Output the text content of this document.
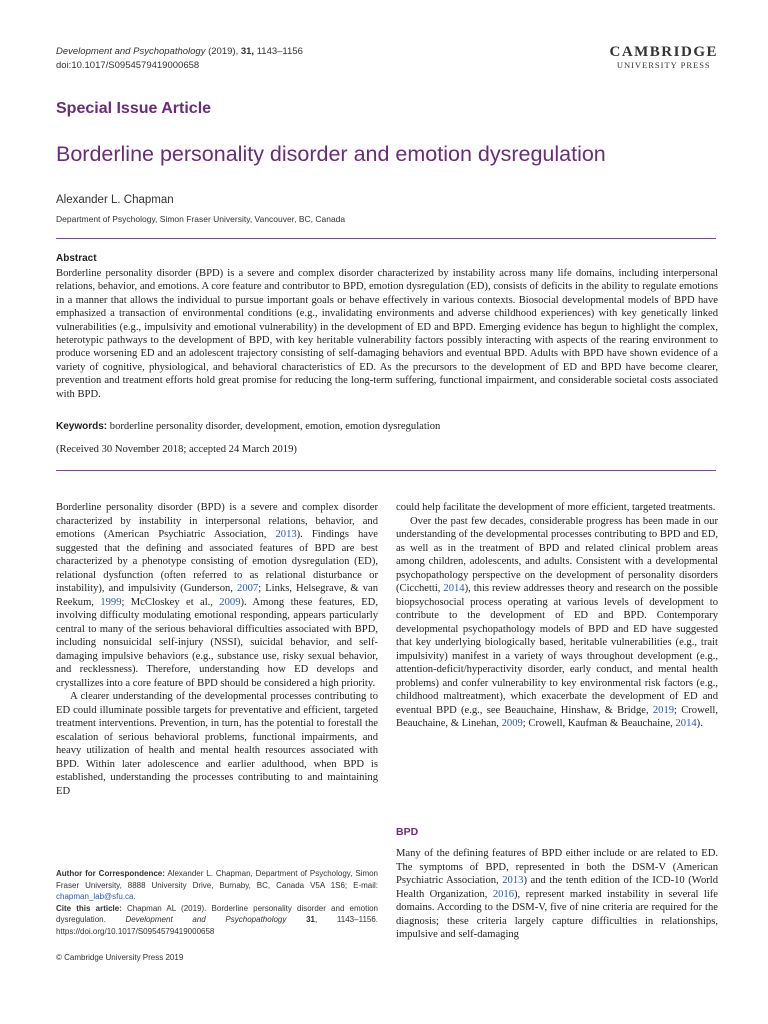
Development and Psychopathology (2019), 31, 1143–1156
doi:10.1017/S0954579419000658
CAMBRIDGE
UNIVERSITY PRESS
Special Issue Article
Borderline personality disorder and emotion dysregulation
Alexander L. Chapman
Department of Psychology, Simon Fraser University, Vancouver, BC, Canada
Abstract
Borderline personality disorder (BPD) is a severe and complex disorder characterized by instability across many life domains, including interpersonal relations, behavior, and emotions. A core feature and contributor to BPD, emotion dysregulation (ED), consists of deficits in the ability to regulate emotions in a manner that allows the individual to pursue important goals or behave effectively in various contexts. Biosocial developmental models of BPD have emphasized a transaction of environmental conditions (e.g., invalidating environments and adverse childhood experiences) with key genetically linked vulnerabilities (e.g., impulsivity and emotional vulnerability) in the development of ED and BPD. Emerging evidence has begun to highlight the complex, heterotypic pathways to the development of BPD, with key heritable vulnerability factors possibly interacting with aspects of the rearing environment to produce worsening ED and an adolescent trajectory consisting of self-damaging behaviors and eventual BPD. Adults with BPD have shown evidence of a variety of cognitive, physiological, and behavioral characteristics of ED. As the precursors to the development of ED and BPD have become clearer, prevention and treatment efforts hold great promise for reducing the long-term suffering, functional impairment, and considerable societal costs associated with BPD.
Keywords: borderline personality disorder, development, emotion, emotion dysregulation
(Received 30 November 2018; accepted 24 March 2019)

Borderline personality disorder (BPD) is a severe and complex disorder characterized by instability in interpersonal relations, behavior, and emotions (American Psychiatric Association, 2013). Findings have suggested that the defining and associated features of BPD are best characterized by a phenotype consisting of emotion dysregulation (ED), relational dysfunction (often referred to as relational disturbance or instability), and impulsivity (Gunderson, 2007; Links, Helsegrave, & van Reekum, 1999; McCloskey et al., 2009). Among these features, ED, involving difficulty modulating emotional responding, appears particularly central to many of the serious behavioral difficulties associated with BPD, including nonsuicidal self-injury (NSSI), suicidal behavior, and self-damaging impulsive behaviors (e.g., substance use, risky sexual behavior, and recklessness). Therefore, understanding how ED develops and crystallizes into a core feature of BPD should be considered a high priority.

A clearer understanding of the developmental processes contributing to ED could illuminate possible targets for preventative and efficient, targeted treatment interventions. Prevention, in turn, has the potential to forestall the escalation of serious behavioral problems, functional impairments, and heavy utilization of health and mental health resources associated with BPD. Within later adolescence and earlier adulthood, when BPD is established, understanding the processes contributing to and maintaining ED

could help facilitate the development of more efficient, targeted treatments.

Over the past few decades, considerable progress has been made in our understanding of the developmental processes contributing to BPD and ED, as well as in the treatment of BPD and related clinical problem areas among children, adolescents, and adults. Consistent with a developmental psychopathology perspective on the development of personality disorders (Cicchetti, 2014), this review addresses theory and research on the possible biopsychosocial process operating at various levels of development to contribute to the development of ED and BPD. Contemporary developmental psychopathology models of BPD and ED have suggested that key underlying biologically based, heritable vulnerabilities (e.g., trait impulsivity) manifest in a variety of ways throughout development (e.g., attention-deficit/hyperactivity disorder, early conduct, and mental health problems) and confer vulnerability to key environmental risk factors (e.g., childhood maltreatment), which exacerbate the development of ED and eventual BPD (e.g., see Beauchaine, Hinshaw, & Bridge, 2019; Crowell, Beauchaine, & Linehan, 2009; Crowell, Kaufman & Beauchaine, 2014).

BPD

Many of the defining features of BPD either include or are related to ED. The symptoms of BPD, represented in both the DSM-V (American Psychiatric Association, 2013) and the tenth edition of the ICD-10 (World Health Organization, 2016), represent marked instability in several life domains. According to the DSM-V, five of nine criteria are required for the diagnosis; these criteria largely capture difficulties in relationships, impulsive and self-damaging

Author for Correspondence: Alexander L. Chapman, Department of Psychology, Simon Fraser University, 8888 University Drive, Burnaby, BC, Canada V5A 1S6; E-mail: chapman_lab@sfu.ca.
Cite this article: Chapman AL (2019). Borderline personality disorder and emotion dysregulation. Development and Psychopathology 31, 1143–1156. https://doi.org/10.1017/S0954579419000658
© Cambridge University Press 2019
